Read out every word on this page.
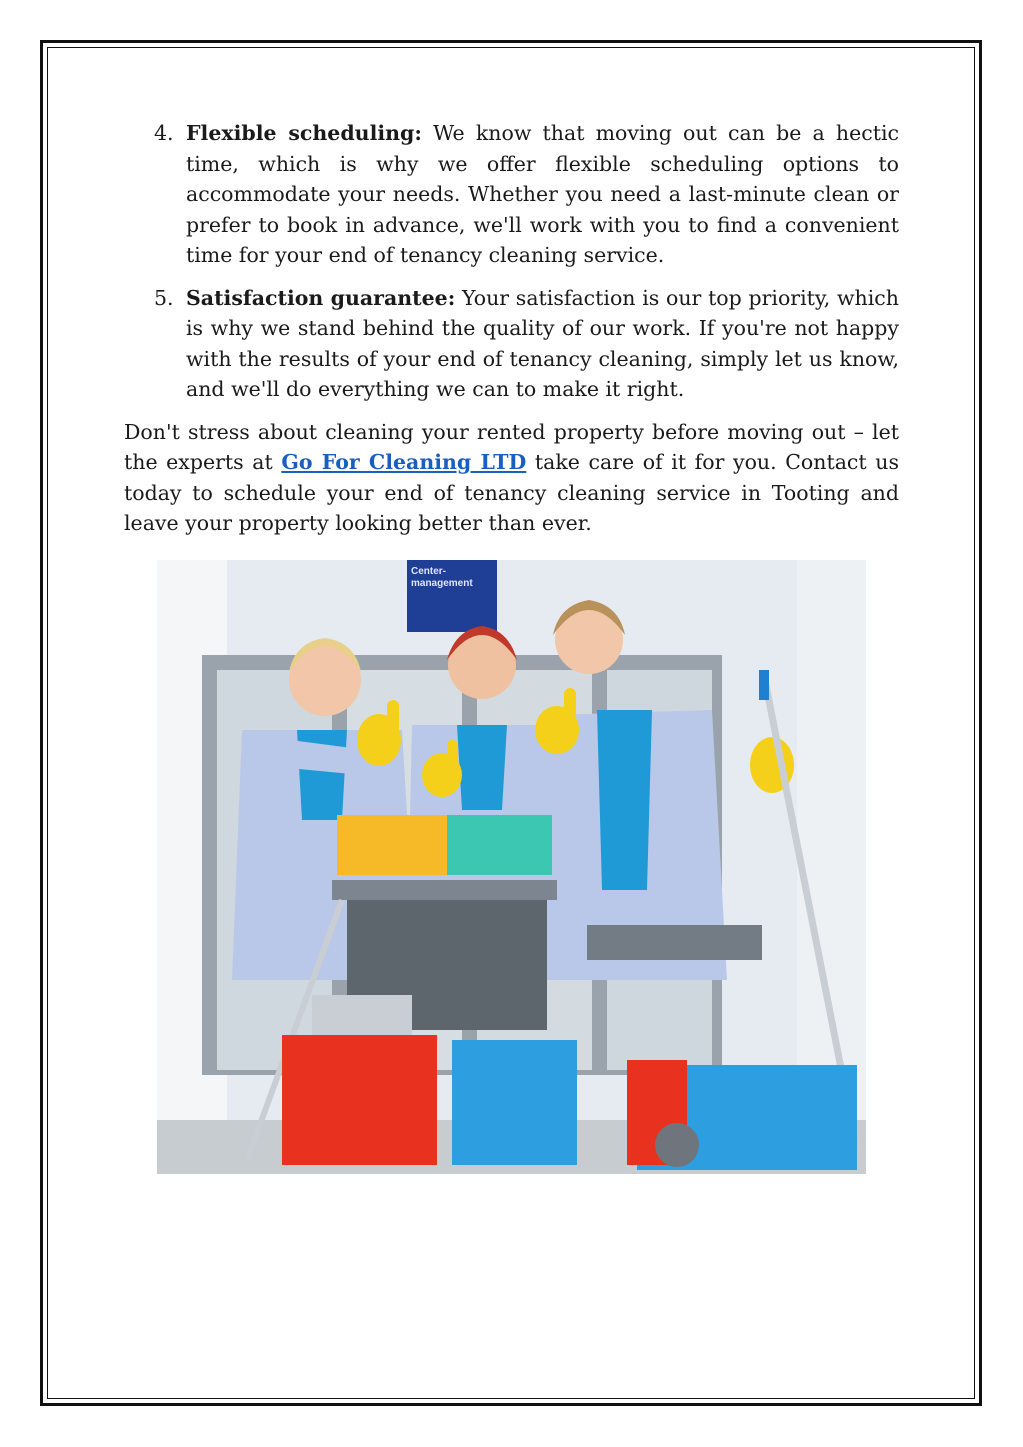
4. Flexible scheduling: We know that moving out can be a hectic time, which is why we offer flexible scheduling options to accommodate your needs. Whether you need a last-minute clean or prefer to book in advance, we'll work with you to find a convenient time for your end of tenancy cleaning service.
5. Satisfaction guarantee: Your satisfaction is our top priority, which is why we stand behind the quality of our work. If you're not happy with the results of your end of tenancy cleaning, simply let us know, and we'll do everything we can to make it right.

Don't stress about cleaning your rented property before moving out – let the experts at Go For Cleaning LTD take care of it for you. Contact us today to schedule your end of tenancy cleaning service in Tooting and leave your property looking better than ever.

Center-
management
